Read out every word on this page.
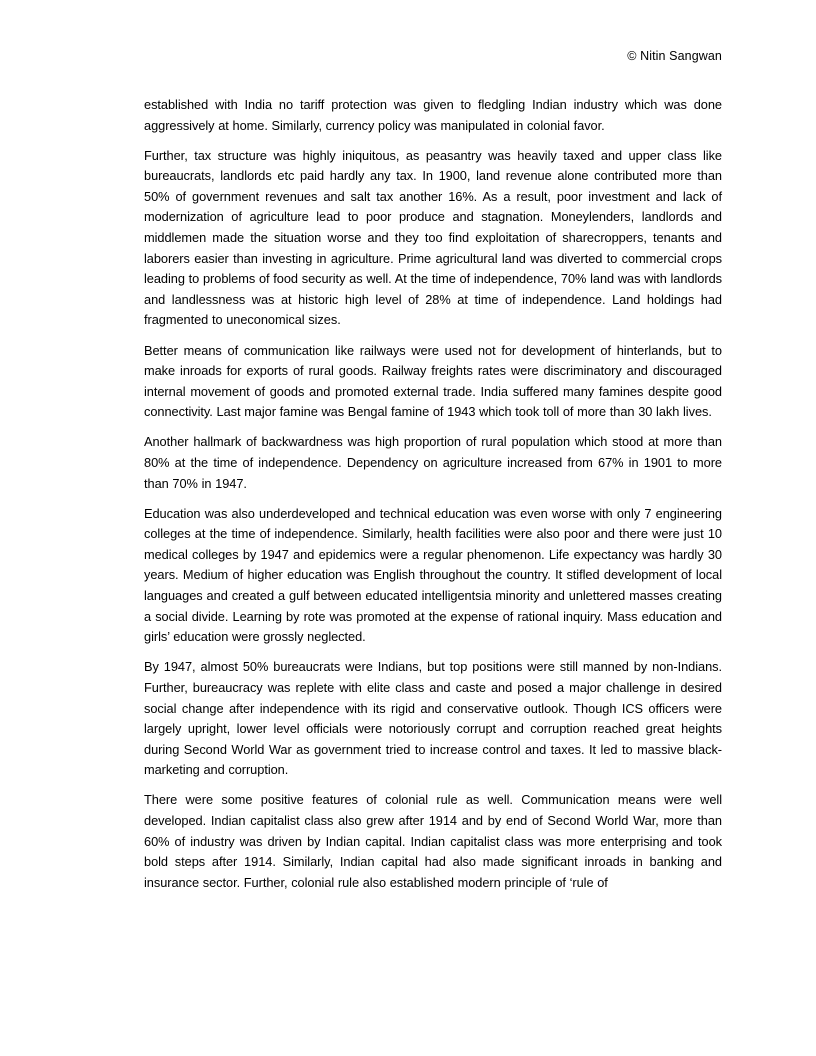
© Nitin Sangwan

established with India no tariff protection was given to fledgling Indian industry which was done aggressively at home. Similarly, currency policy was manipulated in colonial favor.

Further, tax structure was highly iniquitous, as peasantry was heavily taxed and upper class like bureaucrats, landlords etc paid hardly any tax. In 1900, land revenue alone contributed more than 50% of government revenues and salt tax another 16%. As a result, poor investment and lack of modernization of agriculture lead to poor produce and stagnation. Moneylenders, landlords and middlemen made the situation worse and they too find exploitation of sharecroppers, tenants and laborers easier than investing in agriculture. Prime agricultural land was diverted to commercial crops leading to problems of food security as well. At the time of independence, 70% land was with landlords and landlessness was at historic high level of 28% at time of independence. Land holdings had fragmented to uneconomical sizes.

Better means of communication like railways were used not for development of hinterlands, but to make inroads for exports of rural goods. Railway freights rates were discriminatory and discouraged internal movement of goods and promoted external trade. India suffered many famines despite good connectivity. Last major famine was Bengal famine of 1943 which took toll of more than 30 lakh lives.

Another hallmark of backwardness was high proportion of rural population which stood at more than 80% at the time of independence. Dependency on agriculture increased from 67% in 1901 to more than 70% in 1947.

Education was also underdeveloped and technical education was even worse with only 7 engineering colleges at the time of independence. Similarly, health facilities were also poor and there were just 10 medical colleges by 1947 and epidemics were a regular phenomenon. Life expectancy was hardly 30 years. Medium of higher education was English throughout the country. It stifled development of local languages and created a gulf between educated intelligentsia minority and unlettered masses creating a social divide. Learning by rote was promoted at the expense of rational inquiry. Mass education and girls’ education were grossly neglected.

By 1947, almost 50% bureaucrats were Indians, but top positions were still manned by non-Indians. Further, bureaucracy was replete with elite class and caste and posed a major challenge in desired social change after independence with its rigid and conservative outlook. Though ICS officers were largely upright, lower level officials were notoriously corrupt and corruption reached great heights during Second World War as government tried to increase control and taxes. It led to massive black-marketing and corruption.

There were some positive features of colonial rule as well. Communication means were well developed. Indian capitalist class also grew after 1914 and by end of Second World War, more than 60% of industry was driven by Indian capital. Indian capitalist class was more enterprising and took bold steps after 1914. Similarly, Indian capital had also made significant inroads in banking and insurance sector. Further, colonial rule also established modern principle of ‘rule of
